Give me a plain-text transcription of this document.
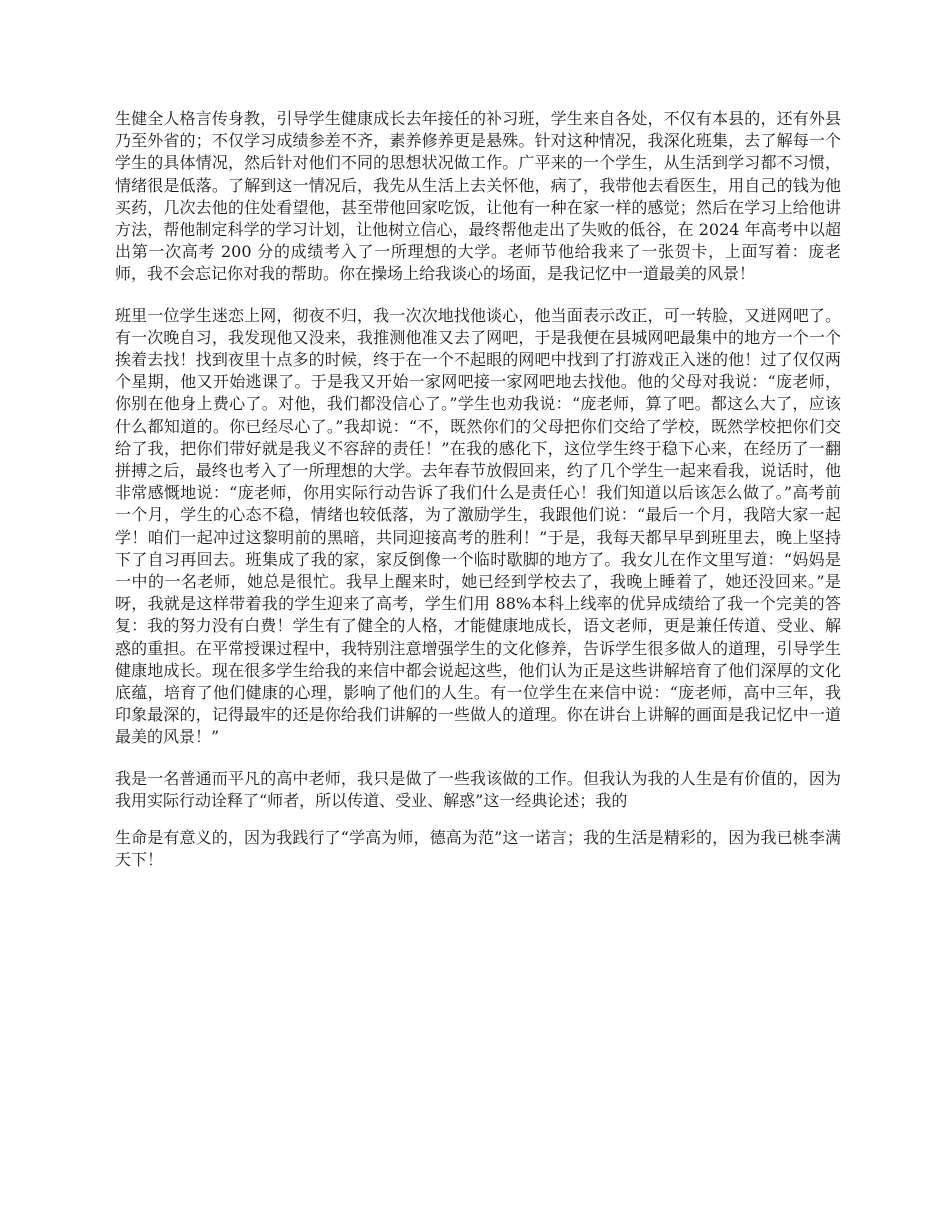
生健全人格言传身教，引导学生健康成长去年接任的补习班，学生来自各处，不仅有本县的，还有外县乃至外省的；不仅学习成绩参差不齐，素养修养更是悬殊。针对这种情况，我深化班集，去了解每一个学生的具体情况，然后针对他们不同的思想状况做工作。广平来的一个学生，从生活到学习都不习惯，情绪很是低落。了解到这一情况后，我先从生活上去关怀他，病了，我带他去看医生，用自己的钱为他买药，几次去他的住处看望他，甚至带他回家吃饭，让他有一种在家一样的感觉；然后在学习上给他讲方法，帮他制定科学的学习计划，让他树立信心，最终帮他走出了失败的低谷，在 2024 年高考中以超出第一次高考 200 分的成绩考入了一所理想的大学。老师节他给我来了一张贺卡，上面写着：庞老师，我不会忘记你对我的帮助。你在操场上给我谈心的场面，是我记忆中一道最美的风景！

班里一位学生迷恋上网，彻夜不归，我一次次地找他谈心，他当面表示改正，可一转脸，又迸网吧了。有一次晚自习，我发现他又没来，我推测他准又去了网吧，于是我便在县城网吧最集中的地方一个一个挨着去找！找到夜里十点多的时候，终于在一个不起眼的网吧中找到了打游戏正入迷的他！过了仅仅两个星期，他又开始逃课了。于是我又开始一家网吧接一家网吧地去找他。他的父母对我说：“庞老师，你别在他身上费心了。对他，我们都没信心了。”学生也劝我说：“庞老师，算了吧。都这么大了，应该什么都知道的。你已经尽心了。”我却说：“不，既然你们的父母把你们交给了学校，既然学校把你们交给了我，把你们带好就是我义不容辞的责任！”在我的感化下，这位学生终于稳下心来，在经历了一翻拼搏之后，最终也考入了一所理想的大学。去年春节放假回来，约了几个学生一起来看我，说话时，他非常感慨地说：“庞老师，你用实际行动告诉了我们什么是责任心！我们知道以后该怎么做了。”高考前一个月，学生的心态不稳，情绪也较低落，为了激励学生，我跟他们说：“最后一个月，我陪大家一起学！咱们一起冲过这黎明前的黑暗，共同迎接高考的胜利！”于是，我每天都早早到班里去，晚上坚持下了自习再回去。班集成了我的家，家反倒像一个临时歇脚的地方了。我女儿在作文里写道：“妈妈是一中的一名老师，她总是很忙。我早上醒来时，她已经到学校去了，我晚上睡着了，她还没回来。”是呀，我就是这样带着我的学生迎来了高考，学生们用 88%本科上线率的优异成绩给了我一个完美的答复：我的努力没有白费！学生有了健全的人格，才能健康地成长，语文老师，更是兼任传道、受业、解惑的重担。在平常授课过程中，我特别注意增强学生的文化修养，告诉学生很多做人的道理，引导学生健康地成长。现在很多学生给我的来信中都会说起这些，他们认为正是这些讲解培育了他们深厚的文化底蕴，培育了他们健康的心理，影响了他们的人生。有一位学生在来信中说：“庞老师，高中三年，我印象最深的，记得最牢的还是你给我们讲解的一些做人的道理。你在讲台上讲解的画面是我记忆中一道最美的风景！”

我是一名普通而平凡的高中老师，我只是做了一些我该做的工作。但我认为我的人生是有价值的，因为我用实际行动诠释了“师者，所以传道、受业、解惑”这一经典论述；我的

生命是有意义的，因为我践行了“学高为师，德高为范”这一诺言；我的生活是精彩的，因为我已桃李满天下！
